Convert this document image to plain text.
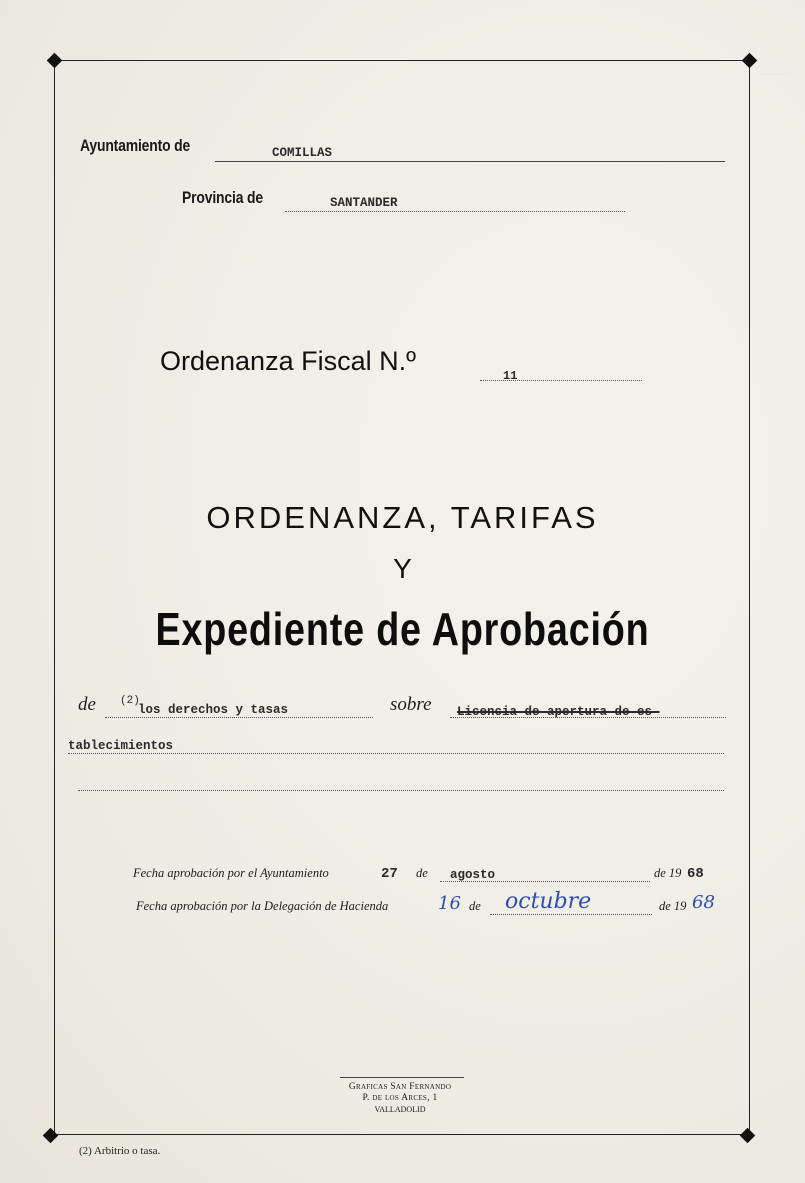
·······
Ayuntamiento de	COMILLAS
Provincia de	SANTANDER
Ordenanza Fiscal N.º	11
ORDENANZA, TARIFAS
Y
Expediente de Aprobación
de (2)
los derechos y tasas	sobre Licencia de apertura de es-
tablecimientos
Fecha aprobación por el Ayuntamiento	27 de agosto	de 19 68
Fecha aprobación por la Delegación de Hacienda	16 de octubre	de 19 68
Graficas San Fernando
P. de los Arces, 1
VALLADOLID
(2) Arbitrio o tasa.
